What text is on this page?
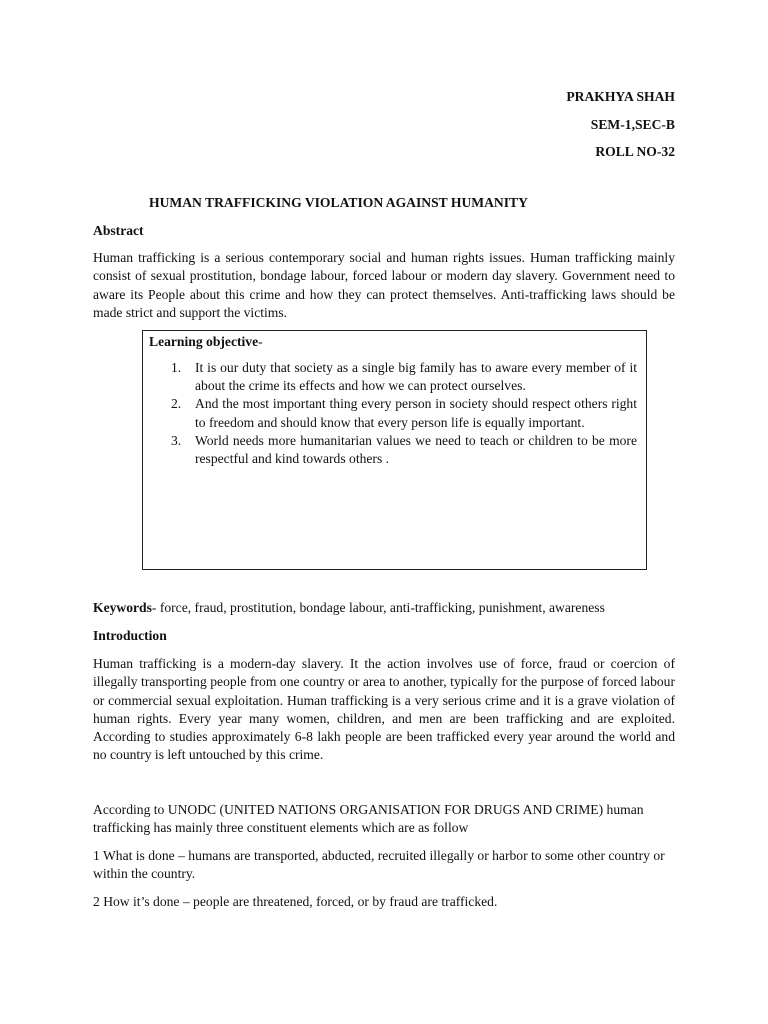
PRAKHYA SHAH
SEM-1,SEC-B
ROLL NO-32
HUMAN TRAFFICKING VIOLATION AGAINST HUMANITY
Abstract
Human trafficking is a serious contemporary social and human rights issues. Human trafficking mainly consist of sexual prostitution, bondage labour, forced labour or modern day slavery. Government need to aware its People about this crime and how they can protect themselves. Anti-trafficking laws should be made strict and support the victims.
Learning objective-
1. It is our duty that society as a single big family has to aware every member of it about the crime its effects and how we can protect ourselves.
2. And the most important thing every person in society should respect others right to freedom and should know that every person life is equally important.
3. World needs more humanitarian values we need to teach or children to be more respectful and kind towards others .
Keywords- force, fraud, prostitution, bondage labour, anti-trafficking, punishment, awareness
Introduction
Human trafficking is a modern-day slavery. It the action involves use of force, fraud or coercion of illegally transporting people from one country or area to another, typically for the purpose of forced labour or commercial sexual exploitation. Human trafficking is a very serious crime and it is a grave violation of human rights. Every year many women, children, and men are been trafficking and are exploited. According to studies approximately 6-8 lakh people are been trafficked every year around the world and no country is left untouched by this crime.
According to UNODC (UNITED NATIONS ORGANISATION FOR DRUGS AND CRIME) human trafficking has mainly three constituent elements which are as follow
1 What is done – humans are transported, abducted, recruited illegally or harbor to some other country or within the country.
2 How it’s done – people are threatened, forced, or by fraud are trafficked.
